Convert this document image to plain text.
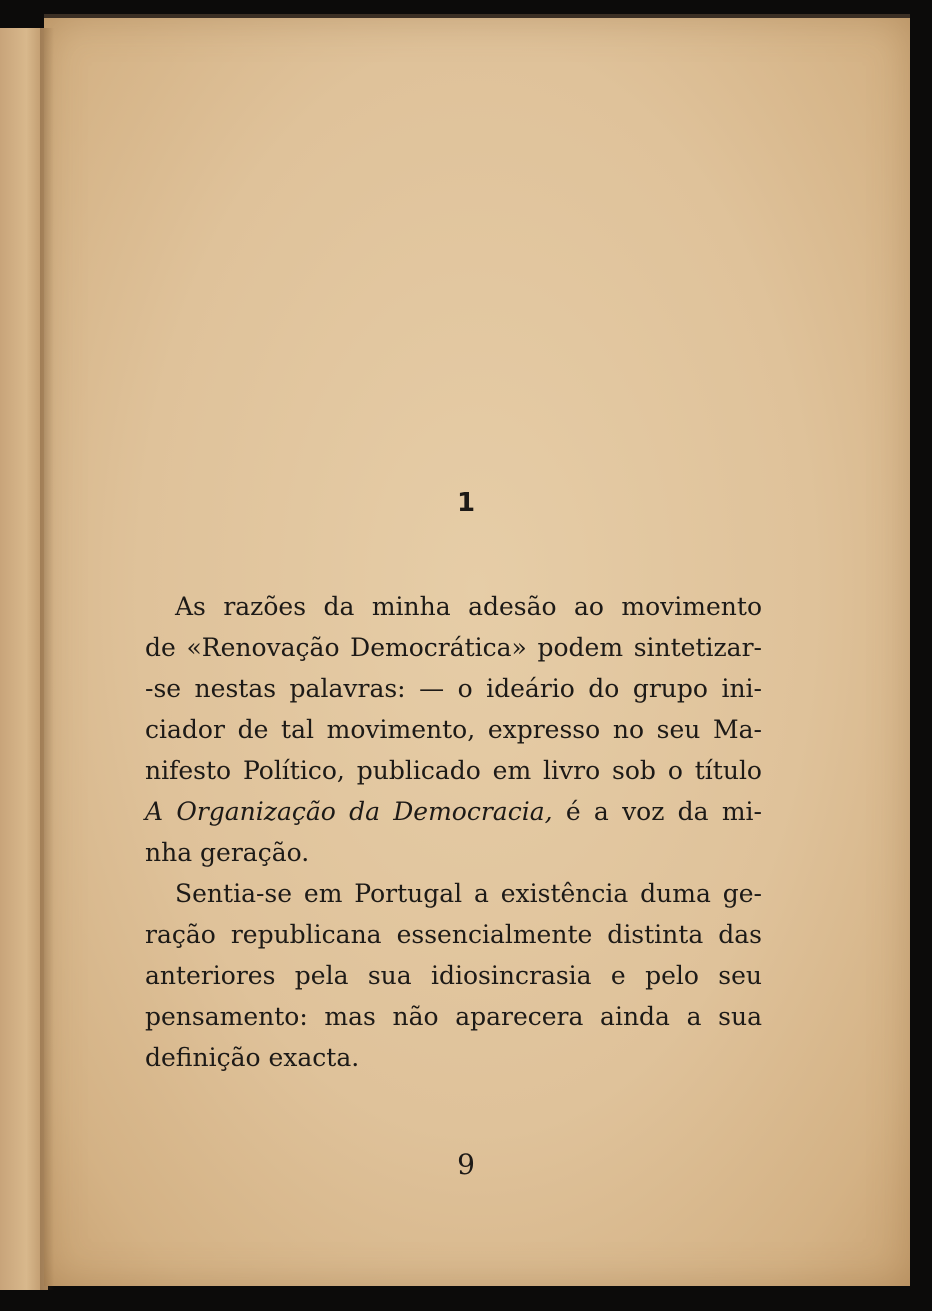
1
As razões da minha adesão ao movimento
de «Renovação Democrática» podem sintetizar-
-se nestas palavras: — o ideário do grupo ini-
ciador de tal movimento, expresso no seu Ma-
nifesto Político, publicado em livro sob o título
A Organização da Democracia, é a voz da mi-
nha geração.
Sentia-se em Portugal a existência duma ge-
ração republicana essencialmente distinta das
anteriores pela sua idiosincrasia e pelo seu
pensamento: mas não aparecera ainda a sua
definição exacta.
9
